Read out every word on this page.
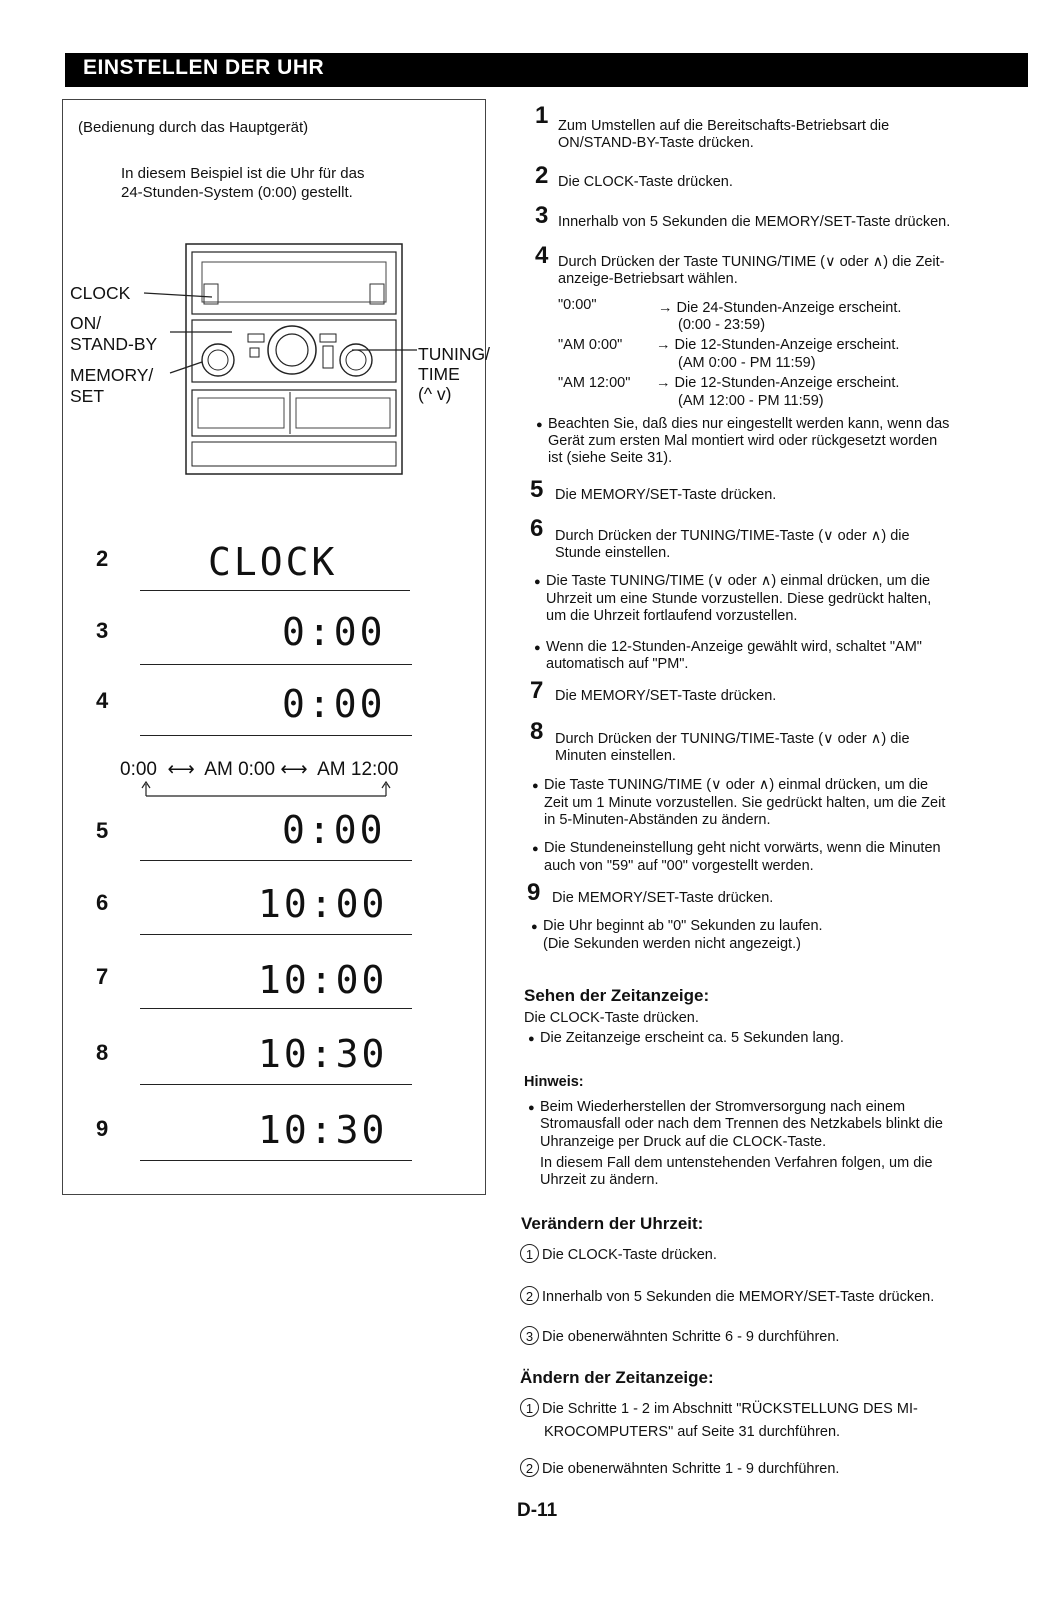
EINSTELLEN DER UHR
(Bedienung durch das Hauptgerät)
In diesem Beispiel ist die Uhr für das
24-Stunden-System (0:00) gestellt.
CLOCK
ON/
STAND-BY
MEMORY/
SET
TUNING/
TIME
(^ v)
2	CLOCK
3	0:00
4	0:00
0:00  ⟷  AM 0:00 ⟷  AM 12:00
5	0:00
6	10:00
7	10:00
8	10:30
9	10:30
1 Zum Umstellen auf die Bereitschafts-Betriebsart die
ON/STAND-BY-Taste drücken.
2 Die CLOCK-Taste drücken.
3 Innerhalb von 5 Sekunden die MEMORY/SET-Taste drücken.
4 Durch Drücken der Taste TUNING/TIME (∨ oder ∧) die Zeit-
anzeige-Betriebsart wählen.
"0:00"	→ Die 24-Stunden-Anzeige erscheint.
(0:00 - 23:59)
"AM 0:00" → Die 12-Stunden-Anzeige erscheint.
(AM 0:00 - PM 11:59)
"AM 12:00" → Die 12-Stunden-Anzeige erscheint.
(AM 12:00 - PM 11:59)
● Beachten Sie, daß dies nur eingestellt werden kann, wenn das
Gerät zum ersten Mal montiert wird oder rückgesetzt worden
ist (siehe Seite 31).
5 Die MEMORY/SET-Taste drücken.
6 Durch Drücken der TUNING/TIME-Taste (∨ oder ∧) die
Stunde einstellen.
● Die Taste TUNING/TIME (∨ oder ∧) einmal drücken, um die
Uhrzeit um eine Stunde vorzustellen. Diese gedrückt halten,
um die Uhrzeit fortlaufend vorzustellen.
● Wenn die 12-Stunden-Anzeige gewählt wird, schaltet "AM"
automatisch auf "PM".
7 Die MEMORY/SET-Taste drücken.
8 Durch Drücken der TUNING/TIME-Taste (∨ oder ∧) die
Minuten einstellen.
● Die Taste TUNING/TIME (∨ oder ∧) einmal drücken, um die
Zeit um 1 Minute vorzustellen. Sie gedrückt halten, um die Zeit
in 5-Minuten-Abständen zu ändern.
● Die Stundeneinstellung geht nicht vorwärts, wenn die Minuten
auch von "59" auf "00" vorgestellt werden.
9 Die MEMORY/SET-Taste drücken.
● Die Uhr beginnt ab "0" Sekunden zu laufen.
(Die Sekunden werden nicht angezeigt.)
Sehen der Zeitanzeige:
Die CLOCK-Taste drücken.
● Die Zeitanzeige erscheint ca. 5 Sekunden lang.
Hinweis:
● Beim Wiederherstellen der Stromversorgung nach einem
Stromausfall oder nach dem Trennen des Netzkabels blinkt die
Uhranzeige per Druck auf die CLOCK-Taste.
In diesem Fall dem untenstehenden Verfahren folgen, um die
Uhrzeit zu ändern.
Verändern der Uhrzeit:
1 Die CLOCK-Taste drücken.
2 Innerhalb von 5 Sekunden die MEMORY/SET-Taste drücken.
3 Die obenerwähnten Schritte 6 - 9 durchführen.
Ändern der Zeitanzeige:
1 Die Schritte 1 - 2 im Abschnitt "RÜCKSTELLUNG DES MI-
KROCOMPUTERS" auf Seite 31 durchführen.
2 Die obenerwähnten Schritte 1 - 9 durchführen.
D-11
